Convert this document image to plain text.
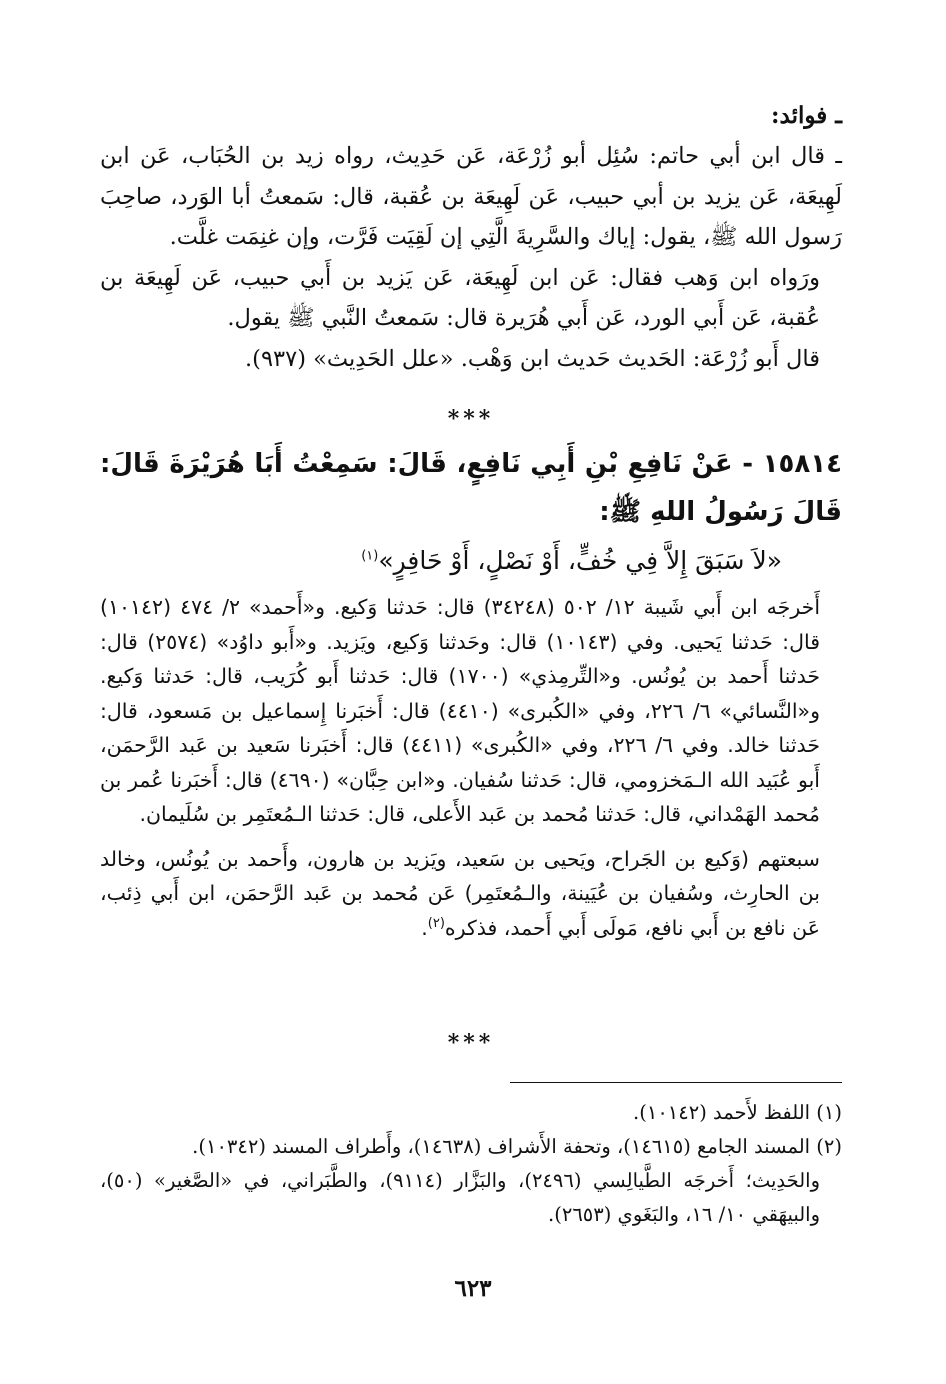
ـ فوائد:

ـ قال ابن أبي حاتم: سُئِل أبو زُرْعَة، عَن حَدِيث، رواه زيد بن الحُبَاب، عَن ابن لَهِيعَة، عَن يزيد بن أبي حبيب، عَن لَهِيعَة بن عُقبة، قال: سَمعتُ أبا الوَرد، صاحِبَ رَسول الله ﷺ، يقول: إياك والسَّرِيةَ الَّتِي إن لَقِيَت فَرَّت، وإن غنِمَت غلَّت.

ورَواه ابن وَهب فقال: عَن ابن لَهِيعَة، عَن يَزيد بن أَبي حبيب، عَن لَهِيعَة بن عُقبة، عَن أَبي الورد، عَن أَبي هُرَيرة قال: سَمعتُ النَّبي ﷺ يقول.

قال أَبو زُرْعَة: الحَديث حَديث ابن وَهْب. «علل الحَدِيث» (٩٣٧).

***
١٥٨١٤ - عَنْ نَافِعِ بْنِ أَبِي نَافِعٍ، قَالَ: سَمِعْتُ أَبَا هُرَيْرَةَ قَالَ: قَالَ رَسُولُ اللهِ ﷺ:
«لاَ سَبَقَ إِلاَّ فِي خُفٍّ، أَوْ نَصْلٍ، أَوْ حَافِرٍ»$^{(١)}$

أَخرجَه ابن أَبي شَيبة ١٢/ ٥٠٢ (٣٤٢٤٨) قال: حَدثنا وَكيع. و«أَحمد» ٢/ ٤٧٤ (١٠١٤٢) قال: حَدثنا يَحيى. وفي (١٠١٤٣) قال: وحَدثنا وَكيع، ويَزيد. و«أَبو داوُد» (٢٥٧٤) قال: حَدثنا أَحمد بن يُونُس. و«التِّرمِذي» (١٧٠٠) قال: حَدثنا أَبو كُرَيب، قال: حَدثنا وَكيع. و«النَّسائي» ٦/ ٢٢٦، وفي «الكُبرى» (٤٤١٠) قال: أَخبَرنا إِسماعيل بن مَسعود، قال: حَدثنا خالد. وفي ٦/ ٢٢٦، وفي «الكُبرى» (٤٤١١) قال: أَخبَرنا سَعيد بن عَبد الرَّحمَن، أَبو عُبَيد الله الـمَخزومي، قال: حَدثنا سُفيان. و«ابن حِبَّان» (٤٦٩٠) قال: أَخبَرنا عُمر بن مُحمد الهَمْداني، قال: حَدثنا مُحمد بن عَبد الأَعلى، قال: حَدثنا الـمُعتَمِر بن سُلَيمان.

سبعتهم (وَكيع بن الجَراح، ويَحيى بن سَعيد، ويَزيد بن هارون، وأَحمد بن يُونُس، وخالد بن الحارِث، وسُفيان بن عُيَينة، والـمُعتَمِر) عَن مُحمد بن عَبد الرَّحمَن، ابن أَبي ذِئب، عَن نافع بن أَبي نافع، مَولَى أَبي أَحمد، فذكره$^{(٢)}$.

***

(١) اللفظ لأَحمد (١٠١٤٢).

(٢) المسند الجامع (١٤٦١٥)، وتحفة الأَشراف (١٤٦٣٨)، وأَطراف المسند (١٠٣٤٢).

والحَدِيث؛ أَخرجَه الطَّيالِسي (٢٤٩٦)، والبَزَّار (٩١١٤)، والطَّبَراني، في «الصَّغير» (٥٠)، والبيهَقي ١٠/ ١٦، والبَغَوي (٢٦٥٣).

٦٢٣
